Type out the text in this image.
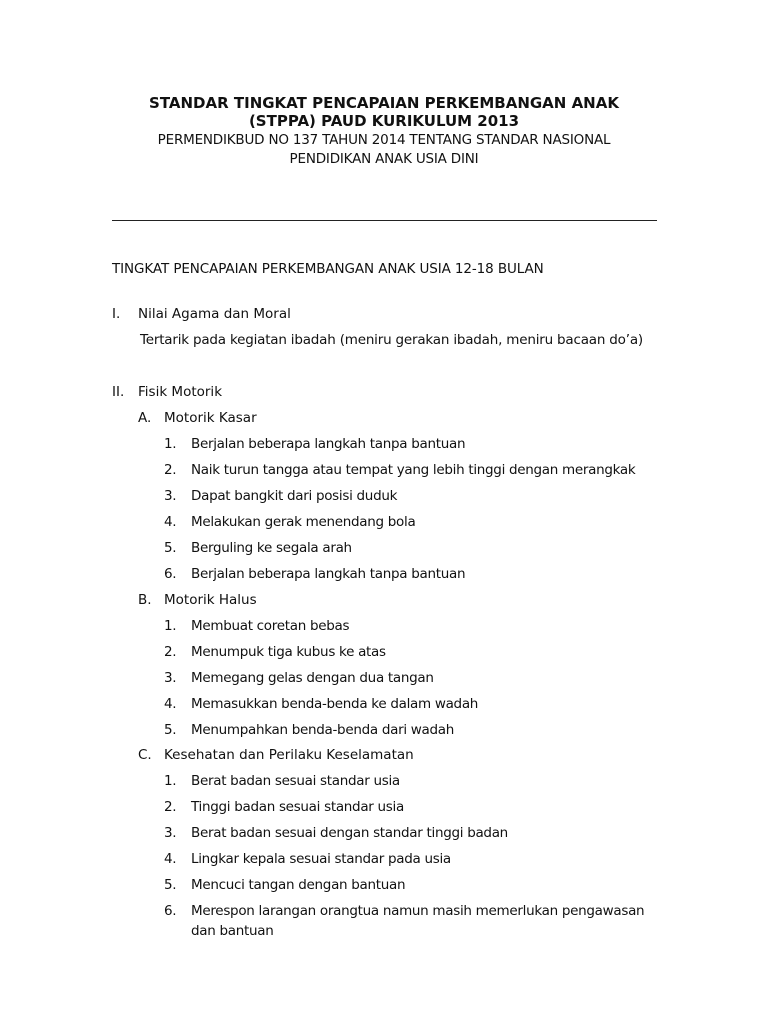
STANDAR TINGKAT PENCAPAIAN PERKEMBANGAN ANAK
(STPPA) PAUD KURIKULUM 2013
PERMENDIKBUD NO 137 TAHUN 2014 TENTANG STANDAR NASIONAL
PENDIDIKAN ANAK USIA DINI
TINGKAT PENCAPAIAN PERKEMBANGAN ANAK USIA 12-18 BULAN
I. Nilai Agama dan Moral
Tertarik pada kegiatan ibadah (meniru gerakan ibadah, meniru bacaan do’a)
II. Fisik Motorik
A. Motorik Kasar
1.	Berjalan beberapa langkah tanpa bantuan
2.	Naik turun tangga atau tempat yang lebih tinggi dengan merangkak
3.	Dapat bangkit dari posisi duduk
4.	Melakukan gerak menendang bola
5.	Berguling ke segala arah
6.	Berjalan beberapa langkah tanpa bantuan
B. Motorik Halus
1.	Membuat coretan bebas
2.	Menumpuk tiga kubus ke atas
3.	Memegang gelas dengan dua tangan
4.	Memasukkan benda-benda ke dalam wadah
5.	Menumpahkan benda-benda dari wadah
C. Kesehatan dan Perilaku Keselamatan
1.	Berat badan sesuai standar usia
2.	Tinggi badan sesuai standar usia
3.	Berat badan sesuai dengan standar tinggi badan
4.	Lingkar kepala sesuai standar pada usia
5.	Mencuci tangan dengan bantuan
6.	Merespon larangan orangtua namun masih memerlukan pengawasan dan bantuan
